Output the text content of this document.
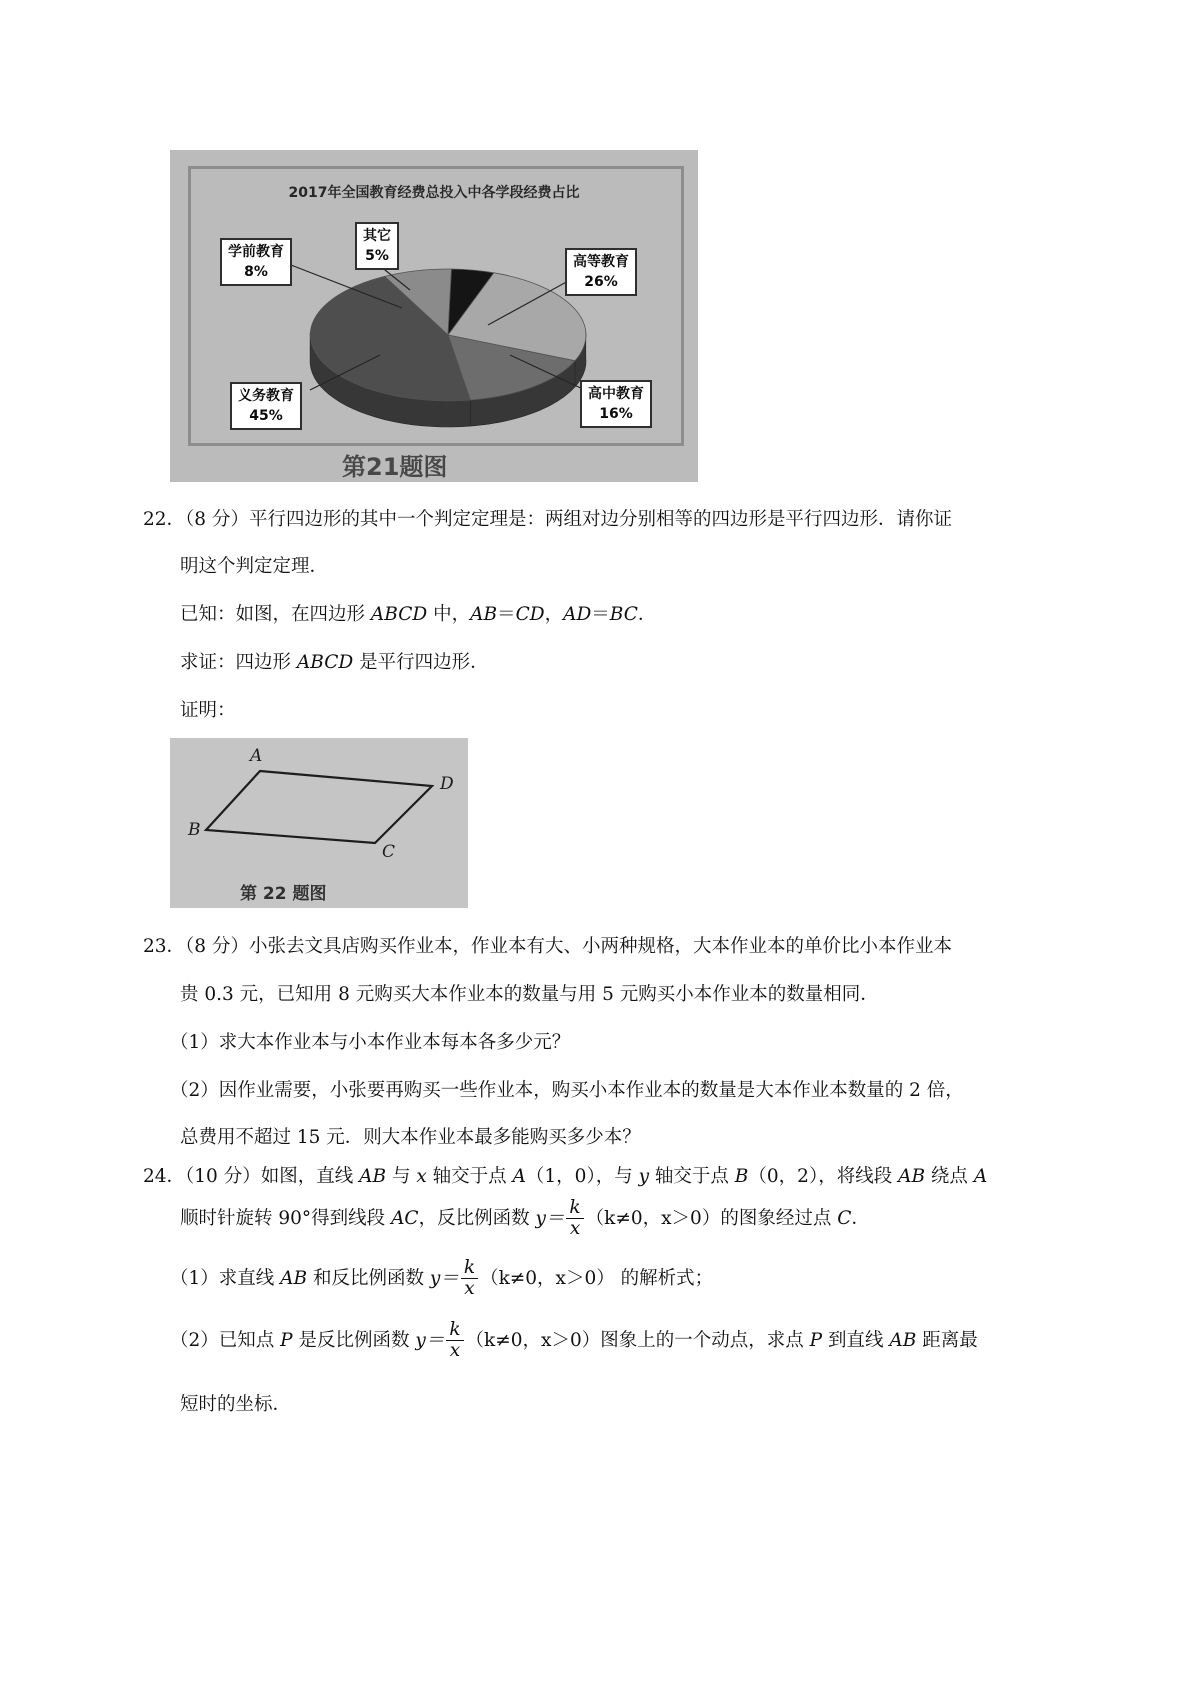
2017年全国教育经费总投入中各学段经费占比
学前教育
8%
其它
5%	高等教育
26%
高中教育
16%
义务教育
45%
第21题图
22．（8 分）平行四边形的其中一个判定定理是：两组对边分别相等的四边形是平行四边形．请你证
明这个判定定理．
已知：如图，在四边形 ABCD 中，AB＝CD，AD＝BC．
求证：四边形 ABCD 是平行四边形．
证明：
A
D
B
C
第 22 题图
23．（8 分）小张去文具店购买作业本，作业本有大、小两种规格，大本作业本的单价比小本作业本
贵 0.3 元，已知用 8 元购买大本作业本的数量与用 5 元购买小本作业本的数量相同．
（1）求大本作业本与小本作业本每本各多少元？
（2）因作业需要，小张要再购买一些作业本，购买小本作业本的数量是大本作业本数量的 2 倍，
总费用不超过 15 元．则大本作业本最多能购买多少本？
24．（10 分）如图，直线 AB 与 x 轴交于点 A（1，0），与 y 轴交于点 B（0，2），将线段 AB 绕点 A
顺时针旋转 90°得到线段 AC，反比例函数 $y= \frac{k}{x} (k\ne 0$，x＞0）的图象经过点 C．
（1）求直线 AB 和反比例函数 $y= \frac{k}{x} (k\ne 0$，x＞0） 的解析式；
（2）已知点 P 是反比例函数 $y= \frac{k}{x} (k\ne 0$，x＞0）图象上的一个动点，求点 P 到直线 AB 距离最
短时的坐标．
